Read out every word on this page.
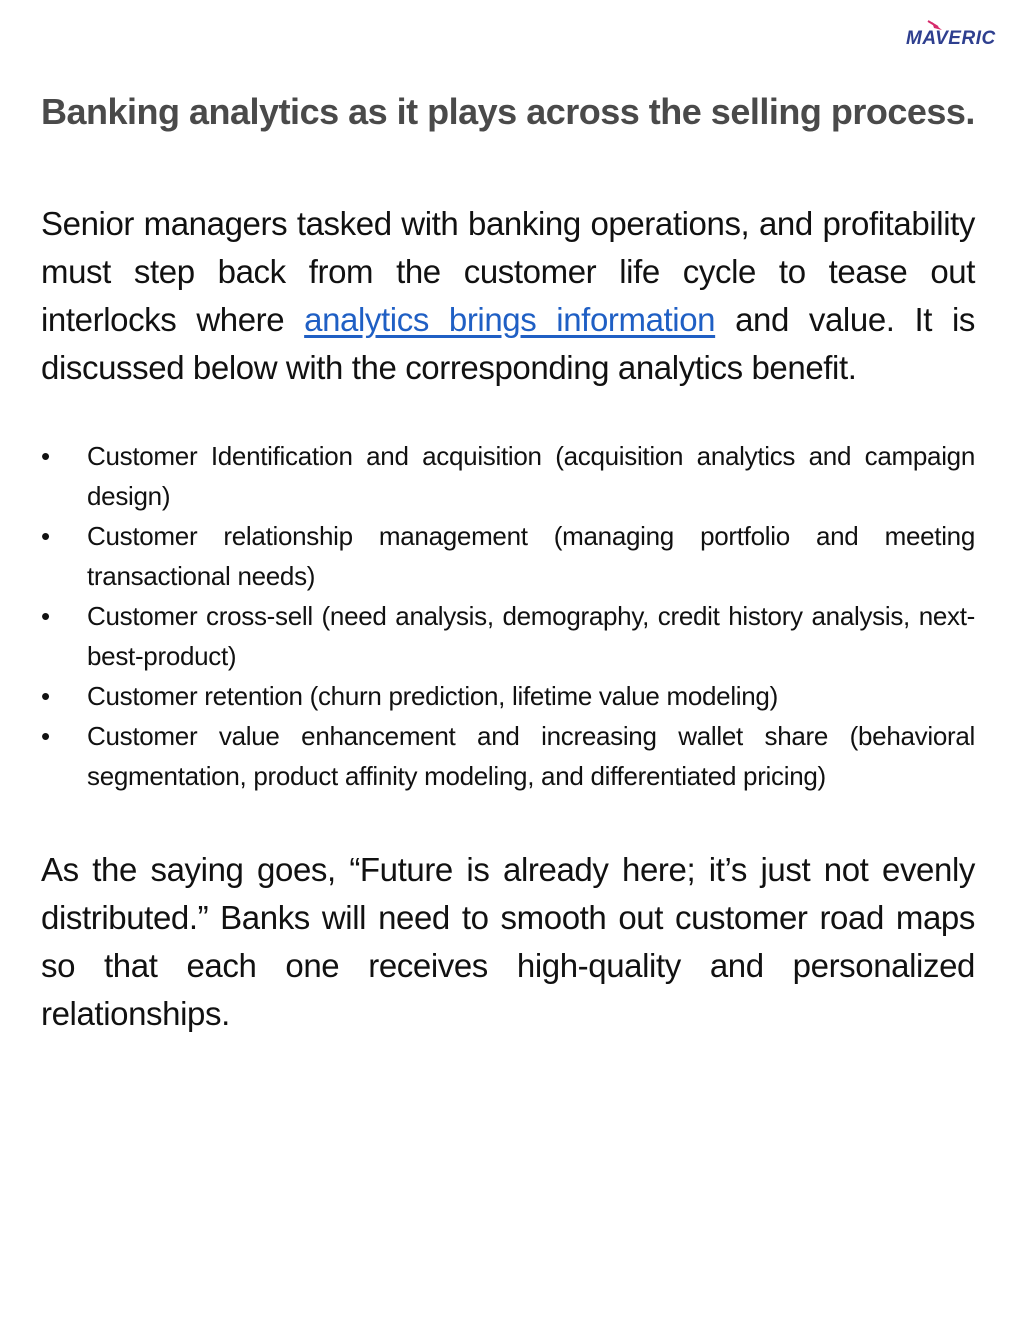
MAVERIC
Banking analytics as it plays across the selling process.

Senior managers tasked with banking operations, and profitability must step back from the customer life cycle to tease out interlocks where analytics brings information and value. It is discussed below with the corresponding analytics benefit.

•	Customer Identification and acquisition (acquisition analytics and campaign design)
•	Customer relationship management (managing portfolio and meeting transactional needs)
•	Customer cross-sell (need analysis, demography, credit history analysis, next-best-product)
•	Customer retention (churn prediction, lifetime value modeling)
•	Customer value enhancement and increasing wallet share (behavioral segmentation, product affinity modeling, and differentiated pricing)

As the saying goes, “Future is already here; it’s just not evenly distributed.” Banks will need to smooth out customer road maps so that each one receives high-quality and personalized relationships.
